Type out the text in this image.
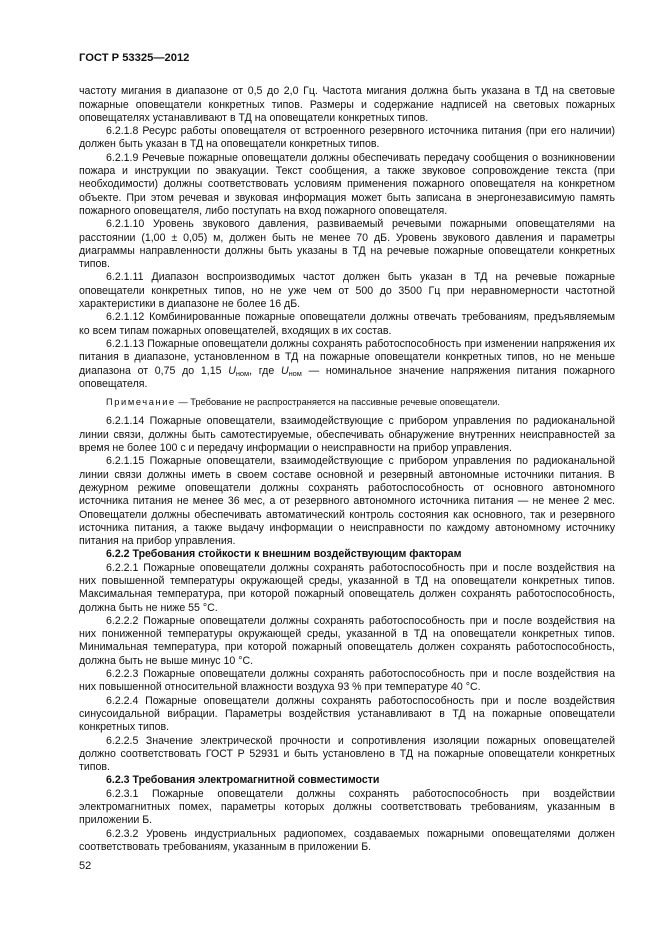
ГОСТ Р 53325—2012

частоту мигания в диапазоне от 0,5 до 2,0 Гц. Частота мигания должна быть указана в ТД на световые пожарные оповещатели конкретных типов. Размеры и содержание надписей на световых пожарных оповещателях устанавливают в ТД на оповещатели конкретных типов.

6.2.1.8 Ресурс работы оповещателя от встроенного резервного источника питания (при его наличии) должен быть указан в ТД на оповещатели конкретных типов.

6.2.1.9 Речевые пожарные оповещатели должны обеспечивать передачу сообщения о возникновении пожара и инструкции по эвакуации. Текст сообщения, а также звуковое сопровождение текста (при необходимости) должны соответствовать условиям применения пожарного оповещателя на конкретном объекте. При этом речевая и звуковая информация может быть записана в энергонезависимую память пожарного оповещателя, либо поступать на вход пожарного оповещателя.

6.2.1.10 Уровень звукового давления, развиваемый речевыми пожарными оповещателями на расстоянии (1,00 ± 0,05) м, должен быть не менее 70 дБ. Уровень звукового давления и параметры диаграммы направленности должны быть указаны в ТД на речевые пожарные оповещатели конкретных типов.

6.2.1.11 Диапазон воспроизводимых частот должен быть указан в ТД на речевые пожарные оповещатели конкретных типов, но не уже чем от 500 до 3500 Гц при неравномерности частотной характеристики в диапазоне не более 16 дБ.

6.2.1.12 Комбинированные пожарные оповещатели должны отвечать требованиям, предъявляемым ко всем типам пожарных оповещателей, входящих в их состав.

6.2.1.13 Пожарные оповещатели должны сохранять работоспособность при изменении напряжения их питания в диапазоне, установленном в ТД на пожарные оповещатели конкретных типов, но не меньше диапазона от 0,75 до 1,15 $U_{ном}$, где $U_{ном}$ — номинальное значение напряжения питания пожарного оповещателя.

Примечание — Требование не распространяется на пассивные речевые оповещатели.

6.2.1.14 Пожарные оповещатели, взаимодействующие с прибором управления по радиоканальной линии связи, должны быть самотестируемые, обеспечивать обнаружение внутренних неисправностей за время не более 100 с и передачу информации о неисправности на прибор управления.

6.2.1.15 Пожарные оповещатели, взаимодействующие с прибором управления по радиоканальной линии связи должны иметь в своем составе основной и резервный автономные источники питания. В дежурном режиме оповещатели должны сохранять работоспособность от основного автономного источника питания не менее 36 мес, а от резервного автономного источника питания — не менее 2 мес. Оповещатели должны обеспечивать автоматический контроль состояния как основного, так и резервного источника питания, а также выдачу информации о неисправности по каждому автономному источнику питания на прибор управления.

6.2.2 Требования стойкости к внешним воздействующим факторам

6.2.2.1 Пожарные оповещатели должны сохранять работоспособность при и после воздействия на них повышенной температуры окружающей среды, указанной в ТД на оповещатели конкретных типов. Максимальная температура, при которой пожарный оповещатель должен сохранять работоспособность, должна быть не ниже 55 °С.

6.2.2.2 Пожарные оповещатели должны сохранять работоспособность при и после воздействия на них пониженной температуры окружающей среды, указанной в ТД на оповещатели конкретных типов. Минимальная температура, при которой пожарный оповещатель должен сохранять работоспособность, должна быть не выше минус 10 °С.

6.2.2.3 Пожарные оповещатели должны сохранять работоспособность при и после воздействия на них повышенной относительной влажности воздуха 93 % при температуре 40 °С.

6.2.2.4 Пожарные оповещатели должны сохранять работоспособность при и после воздействия синусоидальной вибрации. Параметры воздействия устанавливают в ТД на пожарные оповещатели конкретных типов.

6.2.2.5 Значение электрической прочности и сопротивления изоляции пожарных оповещателей должно соответствовать ГОСТ Р 52931 и быть установлено в ТД на пожарные оповещатели конкретных типов.

6.2.3 Требования электромагнитной совместимости

6.2.3.1 Пожарные оповещатели должны сохранять работоспособность при воздействии электромагнитных помех, параметры которых должны соответствовать требованиям, указанным в приложении Б.

6.2.3.2 Уровень индустриальных радиопомех, создаваемых пожарными оповещателями должен соответствовать требованиям, указанным в приложении Б.

52
